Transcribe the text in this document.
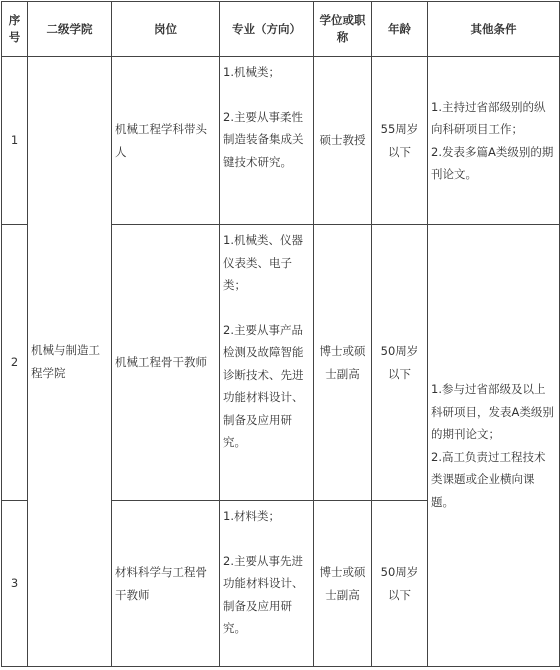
序号	二级学院	岗位	专业（方向）	学位或职称	年龄	其他条件
1	机械与制造工程学院	机械工程学科带头人	1.机械类；
2.主要从事柔性制造装备集成关键技术研究。	硕士教授	55周岁以下	1.主持过省部级别的纵向科研项目工作；
2.发表多篇A类级别的期刊论文。

2		机械工程骨干教师	1.机械类、仪器仪表类、电子类；
2.主要从事产品检测及故障智能诊断技术、先进功能材料设计、制备及应用研究。	博士或硕士副高	50周岁以下	1.参与过省部级及以上科研项目，发表A类级别的期刊论文；
2.高工负责过工程技术类课题或企业横向课题。

3		材料科学与工程骨干教师	1.材料类；
2.主要从事先进功能材料设计、制备及应用研究。	博士或硕士副高	50周岁以下	
